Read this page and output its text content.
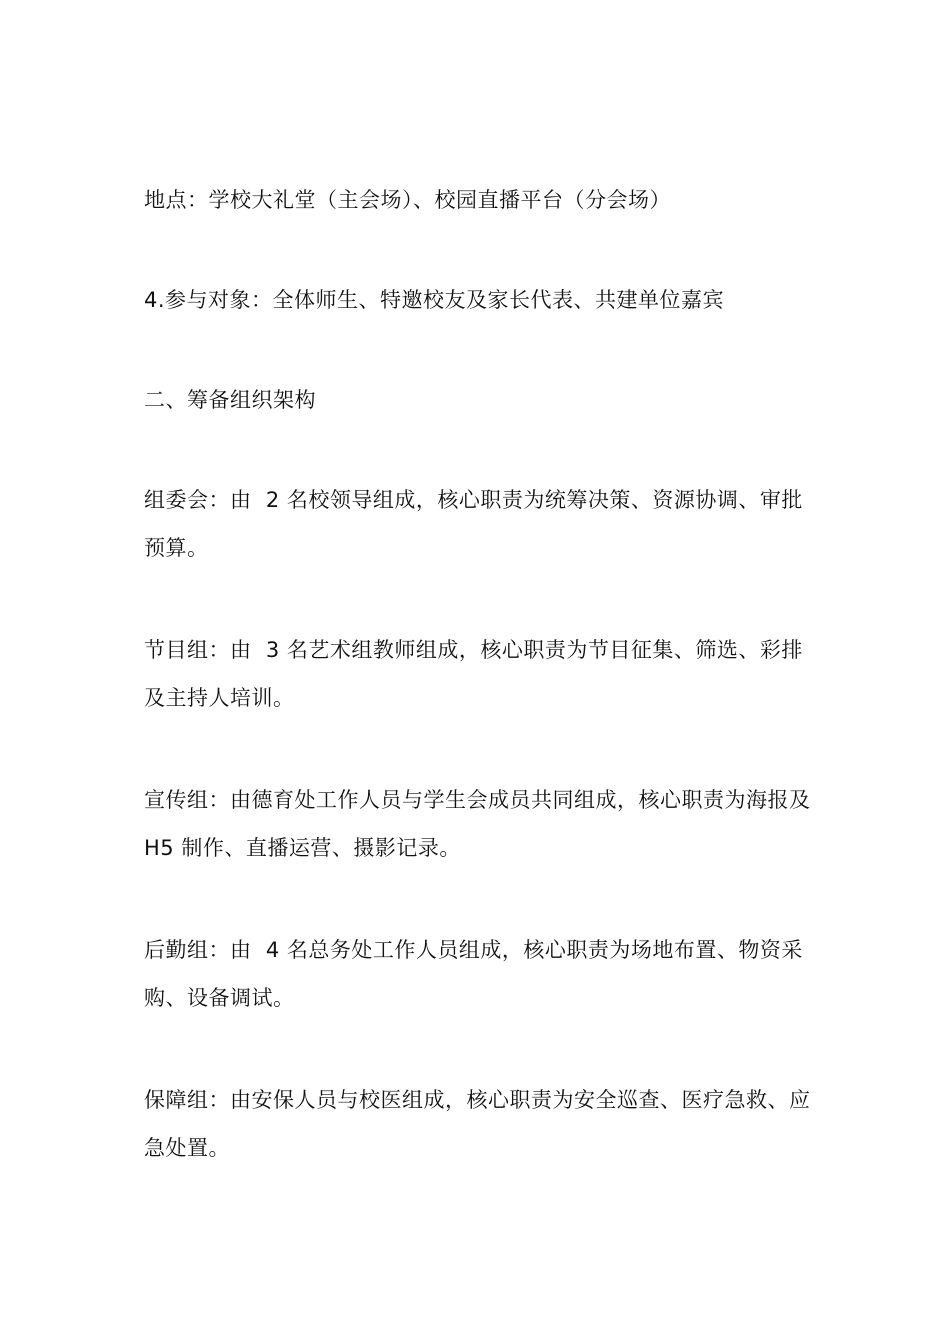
地点：学校大礼堂（主会场）、校园直播平台（分会场）
4.参与对象：全体师生、特邀校友及家长代表、共建单位嘉宾
二、筹备组织架构
组委会：由  2 名校领导组成，核心职责为统筹决策、资源协调、审批预算。
节目组：由  3 名艺术组教师组成，核心职责为节目征集、筛选、彩排及主持人培训。
宣传组：由德育处工作人员与学生会成员共同组成，核心职责为海报及  H5 制作、直播运营、摄影记录。
后勤组：由  4 名总务处工作人员组成，核心职责为场地布置、物资采购、设备调试。
保障组：由安保人员与校医组成，核心职责为安全巡查、医疗急救、应急处置。
